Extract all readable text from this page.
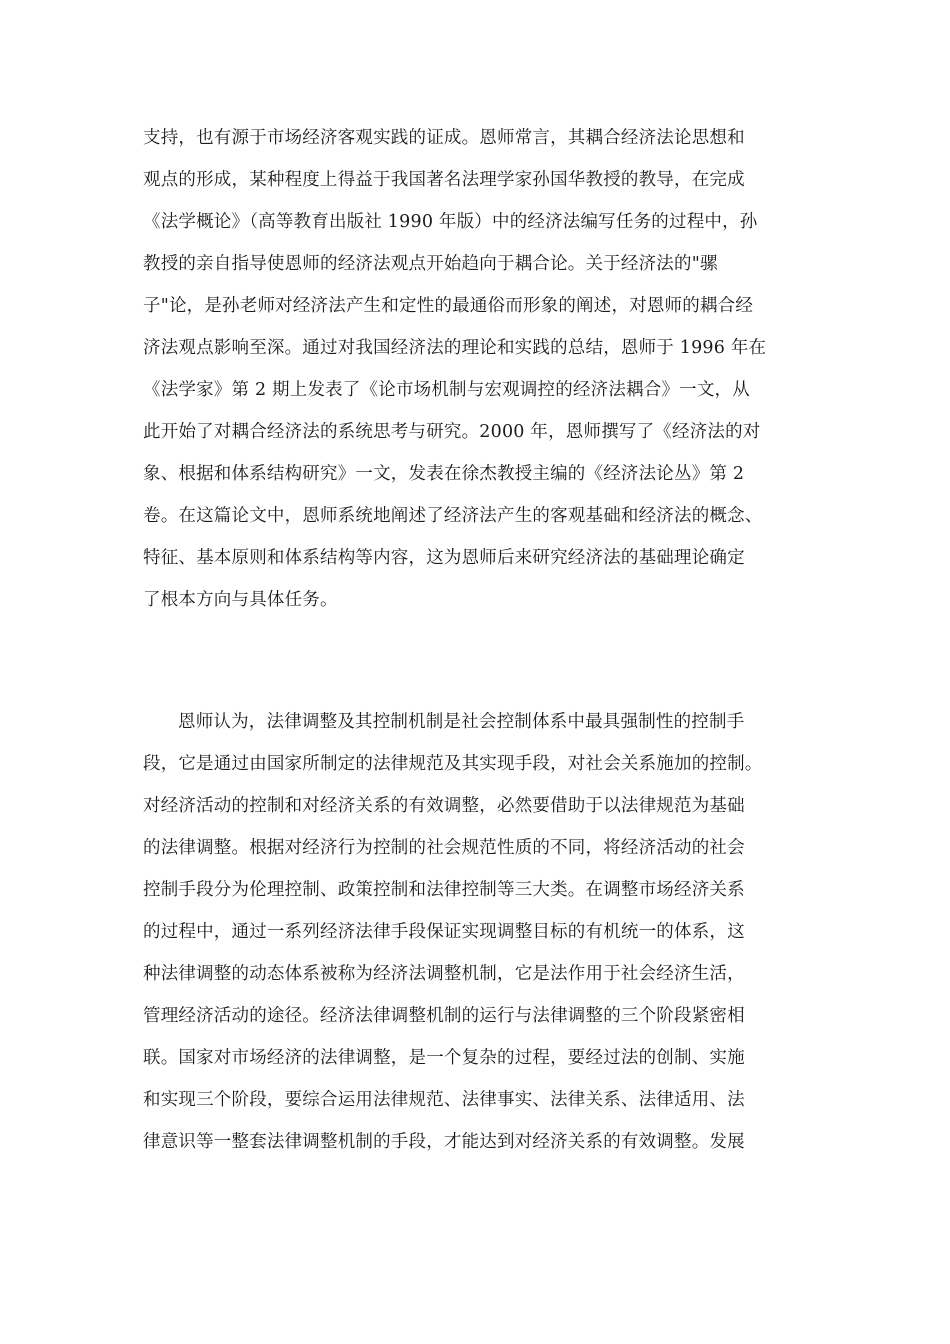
支持，也有源于市场经济客观实践的证成。恩师常言，其耦合经济法论思想和
观点的形成，某种程度上得益于我国著名法理学家孙国华教授的教导，在完成
《法学概论》（高等教育出版社 1990 年版）中的经济法编写任务的过程中，孙
教授的亲自指导使恩师的经济法观点开始趋向于耦合论。关于经济法的"骡
子"论，是孙老师对经济法产生和定性的最通俗而形象的阐述，对恩师的耦合经
济法观点影响至深。通过对我国经济法的理论和实践的总结，恩师于 1996 年在
《法学家》第 2 期上发表了《论市场机制与宏观调控的经济法耦合》一文，从
此开始了对耦合经济法的系统思考与研究。2000 年，恩师撰写了《经济法的对
象、根据和体系结构研究》一文，发表在徐杰教授主编的《经济法论丛》第 2
卷。在这篇论文中，恩师系统地阐述了经济法产生的客观基础和经济法的概念、
特征、基本原则和体系结构等内容，这为恩师后来研究经济法的基础理论确定
了根本方向与具体任务。
恩师认为，法律调整及其控制机制是社会控制体系中最具强制性的控制手
段，它是通过由国家所制定的法律规范及其实现手段，对社会关系施加的控制。
对经济活动的控制和对经济关系的有效调整，必然要借助于以法律规范为基础
的法律调整。根据对经济行为控制的社会规范性质的不同，将经济活动的社会
控制手段分为伦理控制、政策控制和法律控制等三大类。在调整市场经济关系
的过程中，通过一系列经济法律手段保证实现调整目标的有机统一的体系，这
种法律调整的动态体系被称为经济法调整机制，它是法作用于社会经济生活，
管理经济活动的途径。经济法律调整机制的运行与法律调整的三个阶段紧密相
联。国家对市场经济的法律调整，是一个复杂的过程，要经过法的创制、实施
和实现三个阶段，要综合运用法律规范、法律事实、法律关系、法律适用、法
律意识等一整套法律调整机制的手段，才能达到对经济关系的有效调整。发展
